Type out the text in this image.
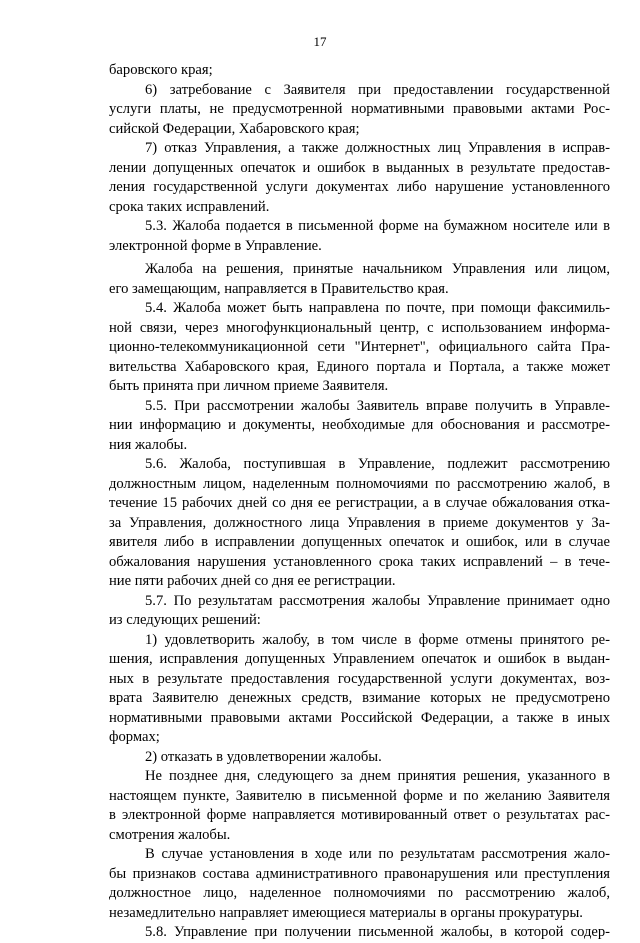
17
баровского края;
6) затребование с Заявителя при предоставлении государственной
услуги платы, не предусмотренной нормативными правовыми актами Рос-
сийской Федерации, Хабаровского края;
7) отказ Управления, а также должностных лиц Управления в исправ-
лении допущенных опечаток и ошибок в выданных в результате предостав-
ления государственной услуги документах либо нарушение установленного
срока таких исправлений.
5.3. Жалоба подается в письменной форме на бумажном носителе или в
электронной форме в Управление.
Жалоба на решения, принятые начальником Управления или лицом,
его замещающим, направляется в Правительство края.
5.4. Жалоба может быть направлена по почте, при помощи факсимиль-
ной связи, через многофункциональный центр, с использованием информа-
ционно-телекоммуникационной сети "Интернет", официального сайта Пра-
вительства Хабаровского края, Единого портала и Портала, а также может
быть принята при личном приеме Заявителя.
5.5. При рассмотрении жалобы Заявитель вправе получить в Управле-
нии информацию и документы, необходимые для обоснования и рассмотре-
ния жалобы.
5.6. Жалоба, поступившая в Управление, подлежит рассмотрению
должностным лицом, наделенным полномочиями по рассмотрению жалоб, в
течение 15 рабочих дней со дня ее регистрации, а в случае обжалования отка-
за Управления, должностного лица Управления в приеме документов у За-
явителя либо в исправлении допущенных опечаток и ошибок, или в случае
обжалования нарушения установленного срока таких исправлений – в тече-
ние пяти рабочих дней со дня ее регистрации.
5.7. По результатам рассмотрения жалобы Управление принимает одно
из следующих решений:
1) удовлетворить жалобу, в том числе в форме отмены принятого ре-
шения, исправления допущенных Управлением опечаток и ошибок в выдан-
ных в результате предоставления государственной услуги документах, воз-
врата Заявителю денежных средств, взимание которых не предусмотрено
нормативными правовыми актами Российской Федерации, а также в иных
формах;
2) отказать в удовлетворении жалобы.
Не позднее дня, следующего за днем принятия решения, указанного в
настоящем пункте, Заявителю в письменной форме и по желанию Заявителя
в электронной форме направляется мотивированный ответ о результатах рас-
смотрения жалобы.
В случае установления в ходе или по результатам рассмотрения жало-
бы признаков состава административного правонарушения или преступления
должностное лицо, наделенное полномочиями по рассмотрению жалоб,
незамедлительно направляет имеющиеся материалы в органы прокуратуры.
5.8. Управление при получении письменной жалобы, в которой содер-
